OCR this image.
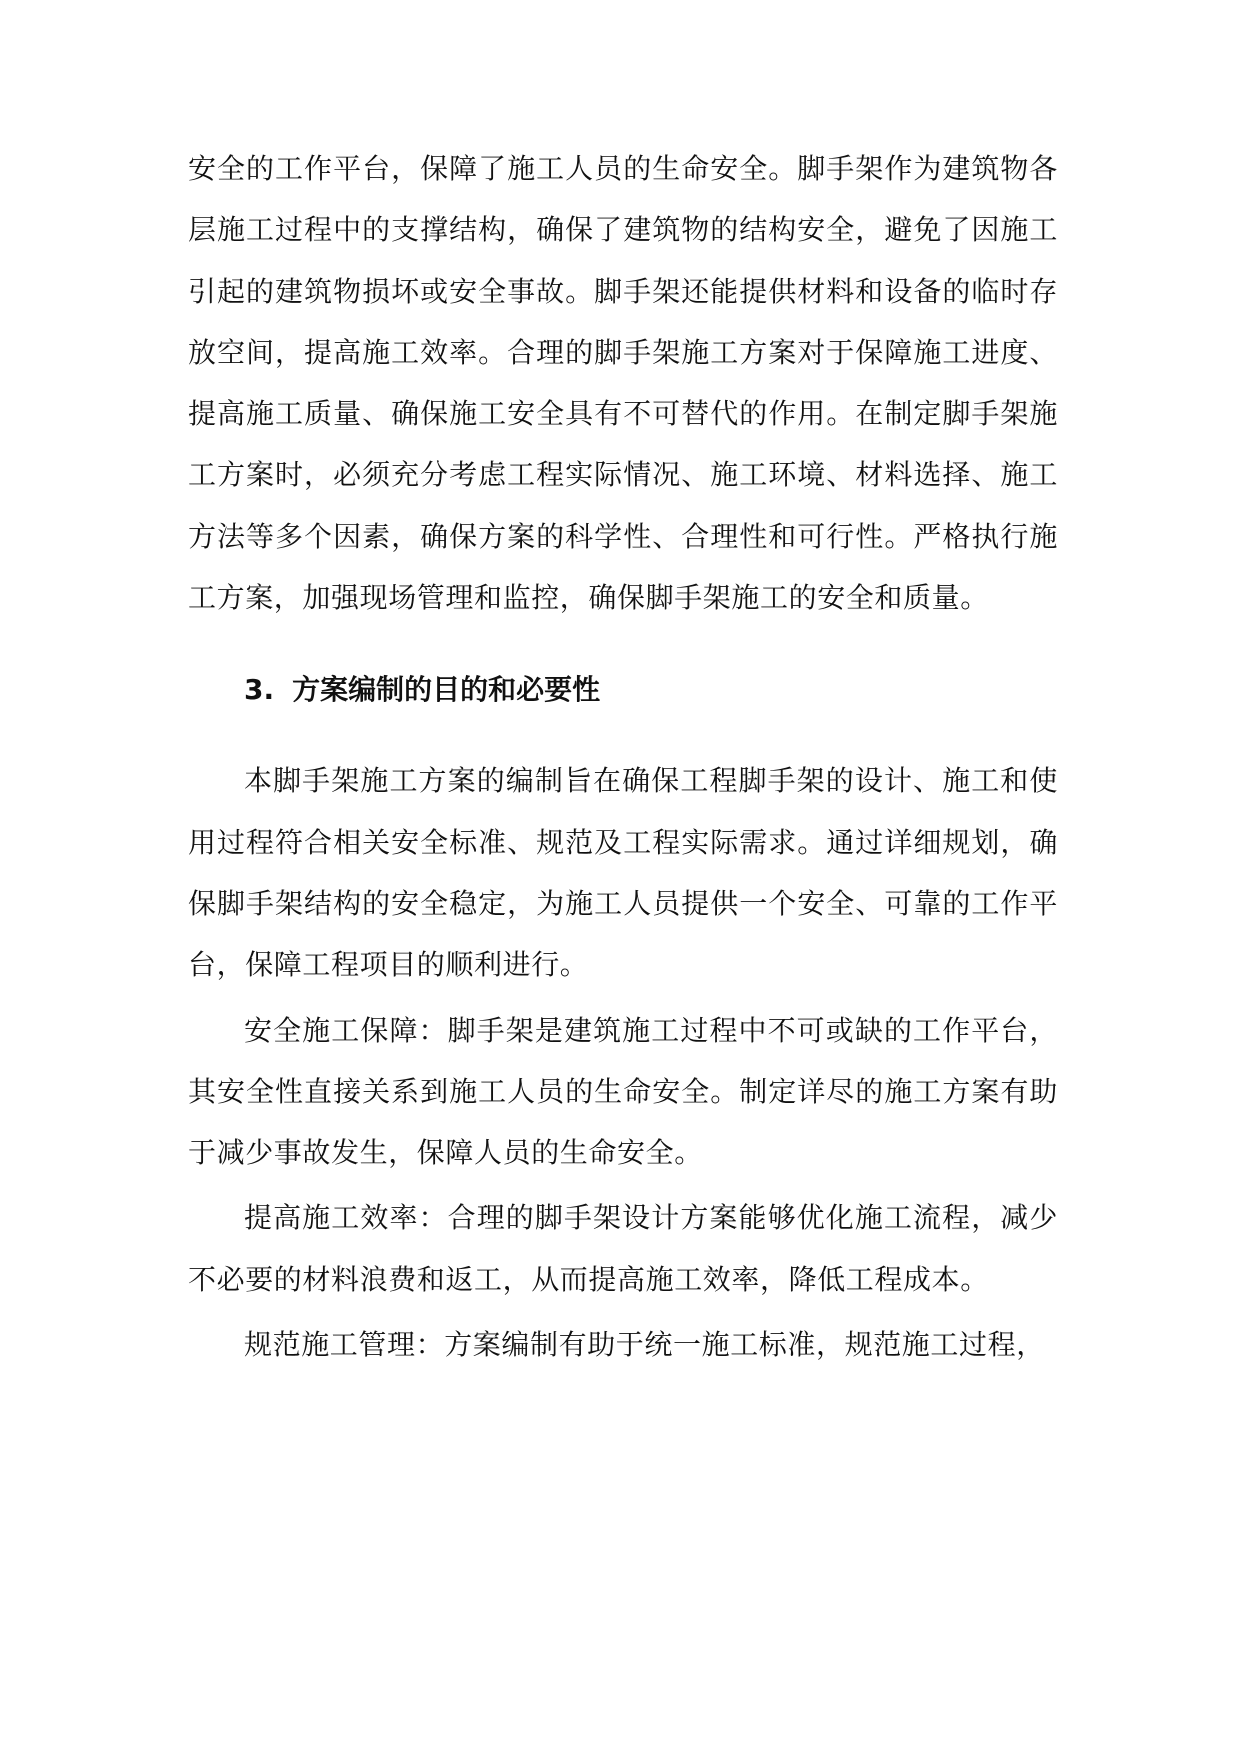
安全的工作平台，保障了施工人员的生命安全。脚手架作为建筑物各层施工过程中的支撑结构，确保了建筑物的结构安全，避免了因施工引起的建筑物损坏或安全事故。脚手架还能提供材料和设备的临时存放空间，提高施工效率。合理的脚手架施工方案对于保障施工进度、提高施工质量、确保施工安全具有不可替代的作用。在制定脚手架施工方案时，必须充分考虑工程实际情况、施工环境、材料选择、施工方法等多个因素，确保方案的科学性、合理性和可行性。严格执行施工方案，加强现场管理和监控，确保脚手架施工的安全和质量。

3. 方案编制的目的和必要性

本脚手架施工方案的编制旨在确保工程脚手架的设计、施工和使用过程符合相关安全标准、规范及工程实际需求。通过详细规划，确保脚手架结构的安全稳定，为施工人员提供一个安全、可靠的工作平台，保障工程项目的顺利进行。

安全施工保障：脚手架是建筑施工过程中不可或缺的工作平台，其安全性直接关系到施工人员的生命安全。制定详尽的施工方案有助于减少事故发生，保障人员的生命安全。

提高施工效率：合理的脚手架设计方案能够优化施工流程，减少不必要的材料浪费和返工，从而提高施工效率，降低工程成本。

规范施工管理：方案编制有助于统一施工标准，规范施工过程，
